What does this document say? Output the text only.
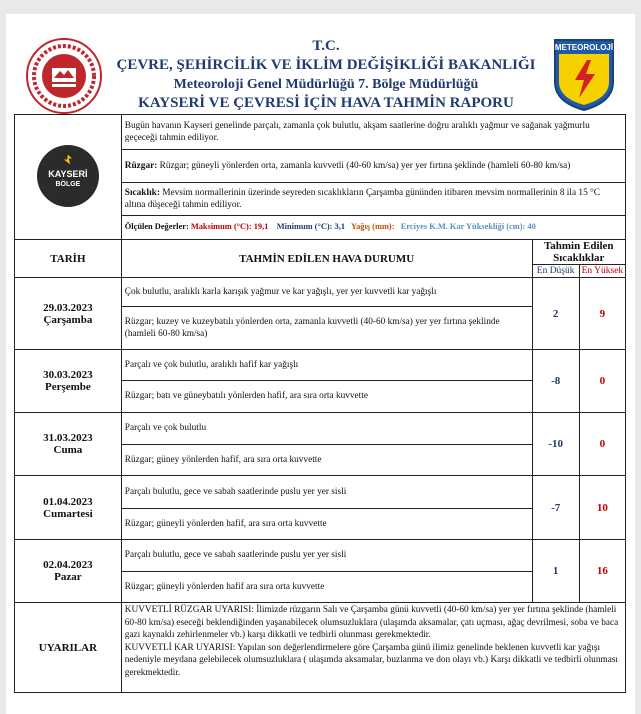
T.C.
ÇEVRE, ŞEHİRCİLİK VE İKLİM DEĞİŞİKLİĞİ BAKANLIĞI
Meteoroloji Genel Müdürlüğü 7. Bölge Müdürlüğü
KAYSERİ VE ÇEVRESİ İÇİN HAVA TAHMİN RAPORU
METEOROLOJİ
KAYSERİ
BÖLGE	Bugün havanın Kayseri genelinde parçalı, zamanla çok bulutlu, akşam saatlerine doğru aralıklı yağmur ve sağanak yağmurlu geçeceği tahmin ediliyor.		
	Rüzgar: Rüzgar; güneyli yönlerden orta, zamanla kuvvetli (40-60 km/sa) yer yer fırtına şeklinde (hamleli 60-80 km/sa)		
	Sıcaklık: Mevsim normallerinin üzerinde seyreden sıcaklıkların Çarşamba gününden itibaren mevsim normallerinin 8 ila 15 °C altına düşeceği tahmin ediliyor.		
	Ölçülen Değerler: Maksimum (°C): 19,1 Minimum (°C): 3,1 Yağış (mm): Erciyes K.M. Kar Yüksekliği (cm): 40		
TARİH	TAHMİN EDİLEN HAVA DURUMU	Tahmin Edilen Sıcaklıklar	
		En Düşük	En Yüksek

29.03.2023
Çarşamba	Çok bulutlu, aralıklı karla karışık yağmur ve kar yağışlı, yer yer kuvvetli kar yağışlı	2	9
	Rüzgar; kuzey ve kuzeybatılı yönlerden orta, zamanla kuvvetli (40-60 km/sa) yer yer fırtına şeklinde (hamleli 60-80 km/sa)		

30.03.2023
Perşembe	Parçalı ve çok bulutlu, aralıklı hafif kar yağışlı	-8	0
	Rüzgar; batı ve güneybatılı yönlerden hafif, ara sıra orta kuvvette		

31.03.2023
Cuma	Parçalı ve çok bulutlu	-10	0
	Rüzgar; güney yönlerden hafif, ara sıra orta kuvvette		

01.04.2023
Cumartesi	Parçalı bulutlu, gece ve sabah saatlerinde puslu yer yer sisli	-7	10
	Rüzgar; güneyli yönlerden hafif, ara sıra orta kuvvette		

02.04.2023
Pazar	Parçalı bulutlu, gece ve sabah saatlerinde puslu yer yer sisli	1	16
	Rüzgar; güneyli yönlerden hafif ara sıra orta kuvvette		
UYARILAR	KUVVETLİ RÜZGAR UYARISI: İlimizde rüzgarın Salı ve Çarşamba günü kuvvetli (40-60 km/sa) yer yer fırtına şeklinde (hamleli 60-80 km/sa) eseceği beklendiğinden yaşanabilecek olumsuzluklara (ulaşımda aksamalar, çatı uçması, ağaç devrilmesi, soba ve baca gazı kaynaklı zehirlenmeler vb.) karşı dikkatli ve tedbirli olunması gerekmektedir.
KUVVETLİ KAR UYARISI: Yapılan son değerlendirmelere göre Çarşamba günü ilimiz genelinde beklenen kuvvetli kar yağışı nedeniyle meydana gelebilecek olumsuzluklara ( ulaşımda aksamalar, buzlanma ve don olayı vb.) Karşı dikkatli ve tedbirli olunması gerekmektedir.		
